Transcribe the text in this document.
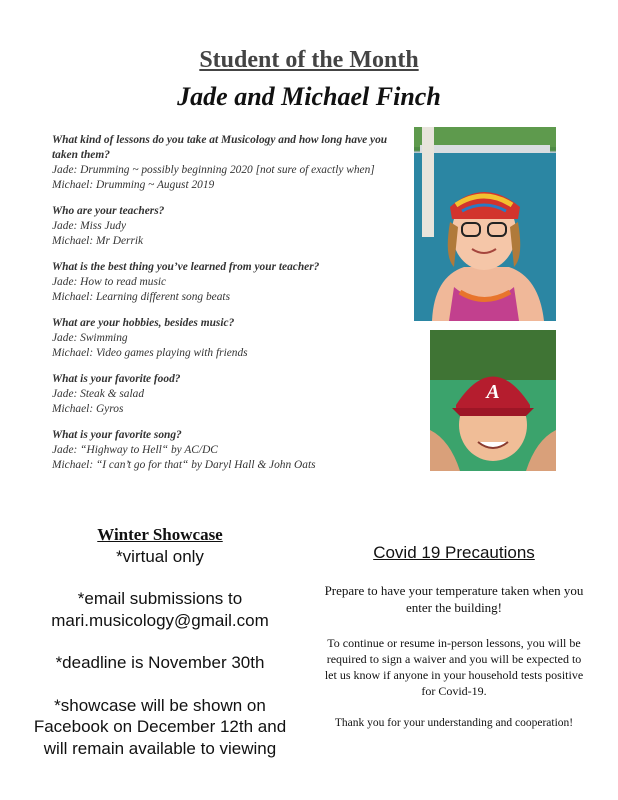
Student of the Month
Jade and Michael Finch
What kind of lessons do you take at Musicology and how long have you taken them?
Jade: Drumming ~ possibly beginning 2020 [not sure of exactly when]
Michael: Drumming ~ August 2019
Who are your teachers?
Jade: Miss Judy
Michael: Mr Derrik
What is the best thing you’ve learned from your teacher?
Jade: How to read music
Michael: Learning different song beats
What are your hobbies, besides music?
Jade: Swimming
Michael: Video games playing with friends
What is your favorite food?
Jade: Steak & salad
Michael: Gyros
What is your favorite song?
Jade: “Highway to Hell“ by AC/DC
Michael: “I can’t go for that“ by Daryl Hall & John Oats
A

Winter Showcase

*virtual only

*email submissions to

mari.musicology@gmail.com

*deadline is November 30th

*showcase will be shown on

Facebook on December 12th and

will remain available to viewing

Covid 19 Precautions

Prepare to have your temperature taken when you enter the building!

To continue or resume in-person lessons, you will be required to sign a waiver and you will be expected to let us know if anyone in your household tests positive for Covid-19.

Thank you for your understanding and cooperation!
